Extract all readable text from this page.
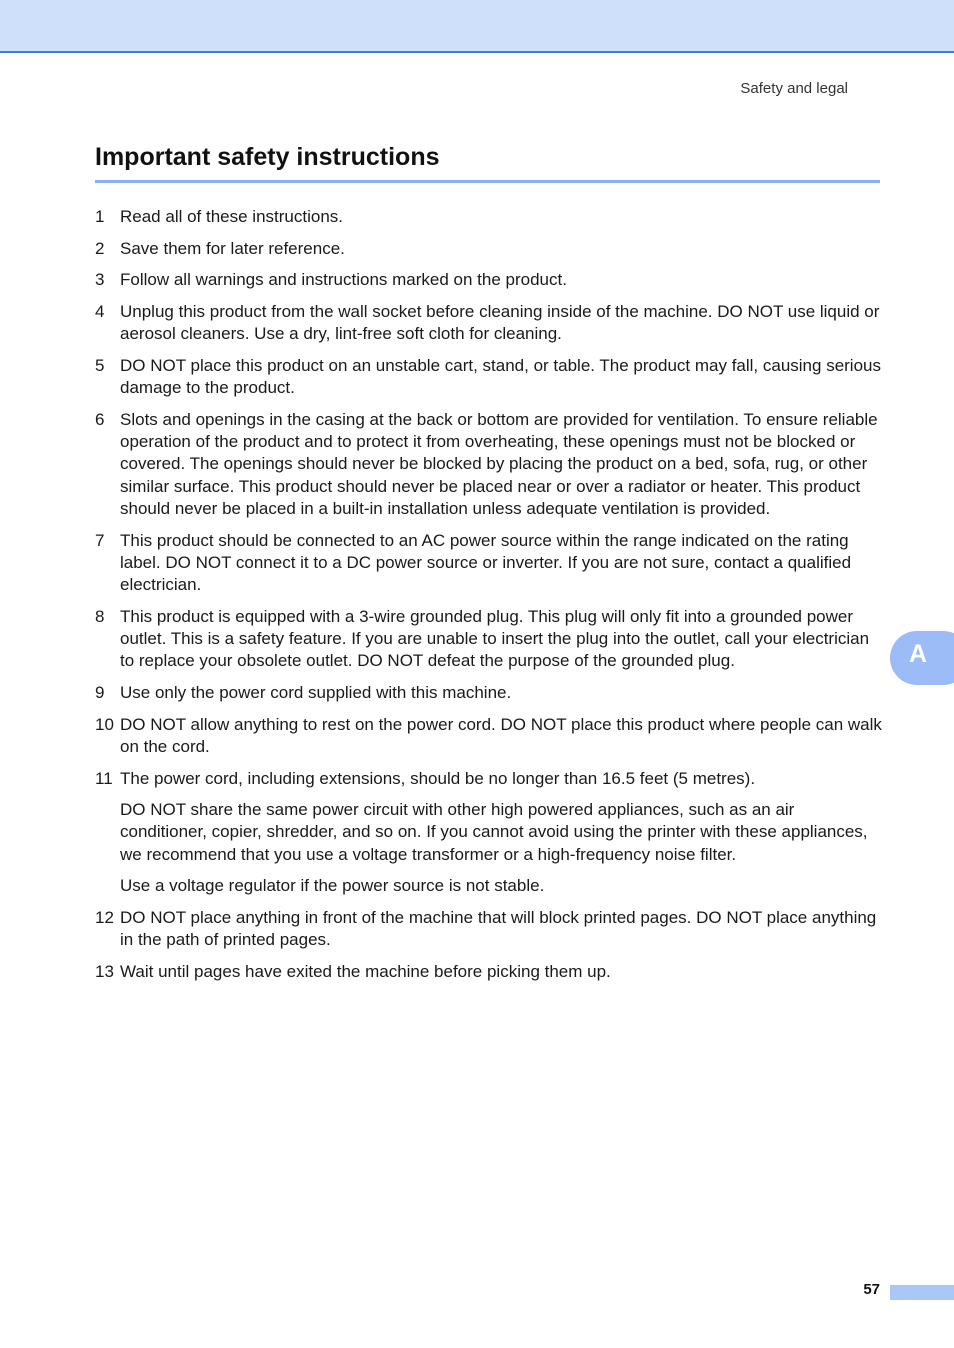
Safety and legal
Important safety instructions
1 Read all of these instructions.

2 Save them for later reference.

3 Follow all warnings and instructions marked on the product.

4 Unplug this product from the wall socket before cleaning inside of the machine. DO NOT use liquid or aerosol cleaners. Use a dry, lint-free soft cloth for cleaning.

5 DO NOT place this product on an unstable cart, stand, or table. The product may fall, causing serious damage to the product.

6 Slots and openings in the casing at the back or bottom are provided for ventilation. To ensure reliable operation of the product and to protect it from overheating, these openings must not be blocked or covered. The openings should never be blocked by placing the product on a bed, sofa, rug, or other similar surface. This product should never be placed near or over a radiator or heater. This product should never be placed in a built-in installation unless adequate ventilation is provided.

7 This product should be connected to an AC power source within the range indicated on the rating label. DO NOT connect it to a DC power source or inverter. If you are not sure, contact a qualified electrician.

8 This product is equipped with a 3-wire grounded plug. This plug will only fit into a grounded power outlet. This is a safety feature. If you are unable to insert the plug into the outlet, call your electrician to replace your obsolete outlet. DO NOT defeat the purpose of the grounded plug.

9 Use only the power cord supplied with this machine.

10 DO NOT allow anything to rest on the power cord. DO NOT place this product where people can walk on the cord.

11 The power cord, including extensions, should be no longer than 16.5 feet (5 metres).

DO NOT share the same power circuit with other high powered appliances, such as an air conditioner, copier, shredder, and so on. If you cannot avoid using the printer with these appliances, we recommend that you use a voltage transformer or a high-frequency noise filter.

Use a voltage regulator if the power source is not stable.

12 DO NOT place anything in front of the machine that will block printed pages. DO NOT place anything in the path of printed pages.

13 Wait until pages have exited the machine before picking them up.

A
57
